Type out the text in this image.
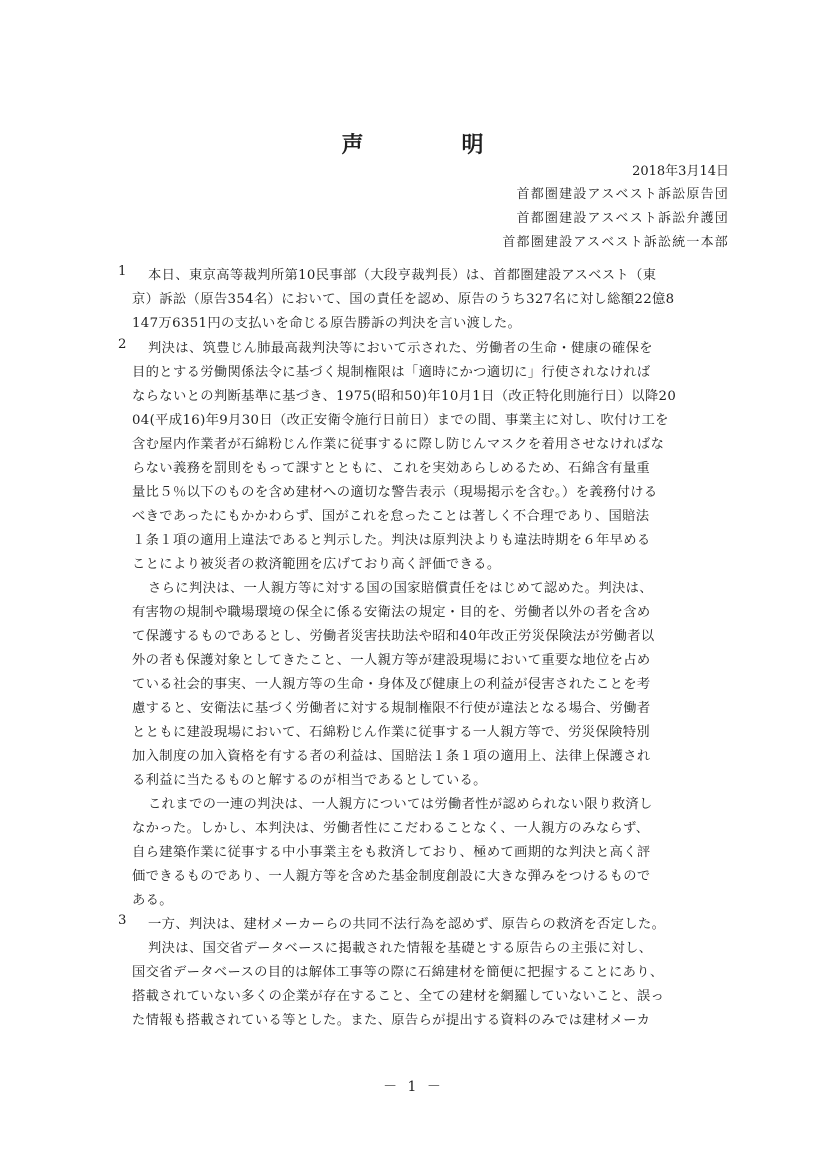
声	明
2018年3月14日
首都圏建設アスベスト訴訟原告団
首都圏建設アスベスト訴訟弁護団
首都圏建設アスベスト訴訟統一本部
1 本日、東京高等裁判所第10民事部（大段亨裁判長）は、首都圏建設アスベスト（東
京）訴訟（原告354名）において、国の責任を認め、原告のうち327名に対し総額22億8
147万6351円の支払いを命じる原告勝訴の判決を言い渡した。
2 判決は、筑豊じん肺最高裁判決等において示された、労働者の生命・健康の確保を
目的とする労働関係法令に基づく規制権限は「適時にかつ適切に」行使されなければ
ならないとの判断基準に基づき、1975(昭和50)年10月1日（改正特化則施行日）以降20
04(平成16)年9月30日（改正安衛令施行日前日）までの間、事業主に対し、吹付け工を
含む屋内作業者が石綿粉じん作業に従事するに際し防じんマスクを着用させなければな
らない義務を罰則をもって課すとともに、これを実効あらしめるため、石綿含有量重
量比５％以下のものを含め建材への適切な警告表示（現場掲示を含む。）を義務付ける
べきであったにもかかわらず、国がこれを怠ったことは著しく不合理であり、国賠法
１条１項の適用上違法であると判示した。判決は原判決よりも違法時期を６年早める
ことにより被災者の救済範囲を広げており高く評価できる。
さらに判決は、一人親方等に対する国の国家賠償責任をはじめて認めた。判決は、
有害物の規制や職場環境の保全に係る安衛法の規定・目的を、労働者以外の者を含め
て保護するものであるとし、労働者災害扶助法や昭和40年改正労災保険法が労働者以
外の者も保護対象としてきたこと、一人親方等が建設現場において重要な地位を占め
ている社会的事実、一人親方等の生命・身体及び健康上の利益が侵害されたことを考
慮すると、安衛法に基づく労働者に対する規制権限不行使が違法となる場合、労働者
とともに建設現場において、石綿粉じん作業に従事する一人親方等で、労災保険特別
加入制度の加入資格を有する者の利益は、国賠法１条１項の適用上、法律上保護され
る利益に当たるものと解するのが相当であるとしている。
これまでの一連の判決は、一人親方については労働者性が認められない限り救済し
なかった。しかし、本判決は、労働者性にこだわることなく、一人親方のみならず、
自ら建築作業に従事する中小事業主をも救済しており、極めて画期的な判決と高く評
価できるものであり、一人親方等を含めた基金制度創設に大きな弾みをつけるもので
ある。
3 一方、判決は、建材メーカーらの共同不法行為を認めず、原告らの救済を否定した。
判決は、国交省データベースに掲載された情報を基礎とする原告らの主張に対し、
国交省データベースの目的は解体工事等の際に石綿建材を簡便に把握することにあり、
搭載されていない多くの企業が存在すること、全ての建材を網羅していないこと、誤っ
た情報も搭載されている等とした。また、原告らが提出する資料のみでは建材メーカ
－ 1 －
